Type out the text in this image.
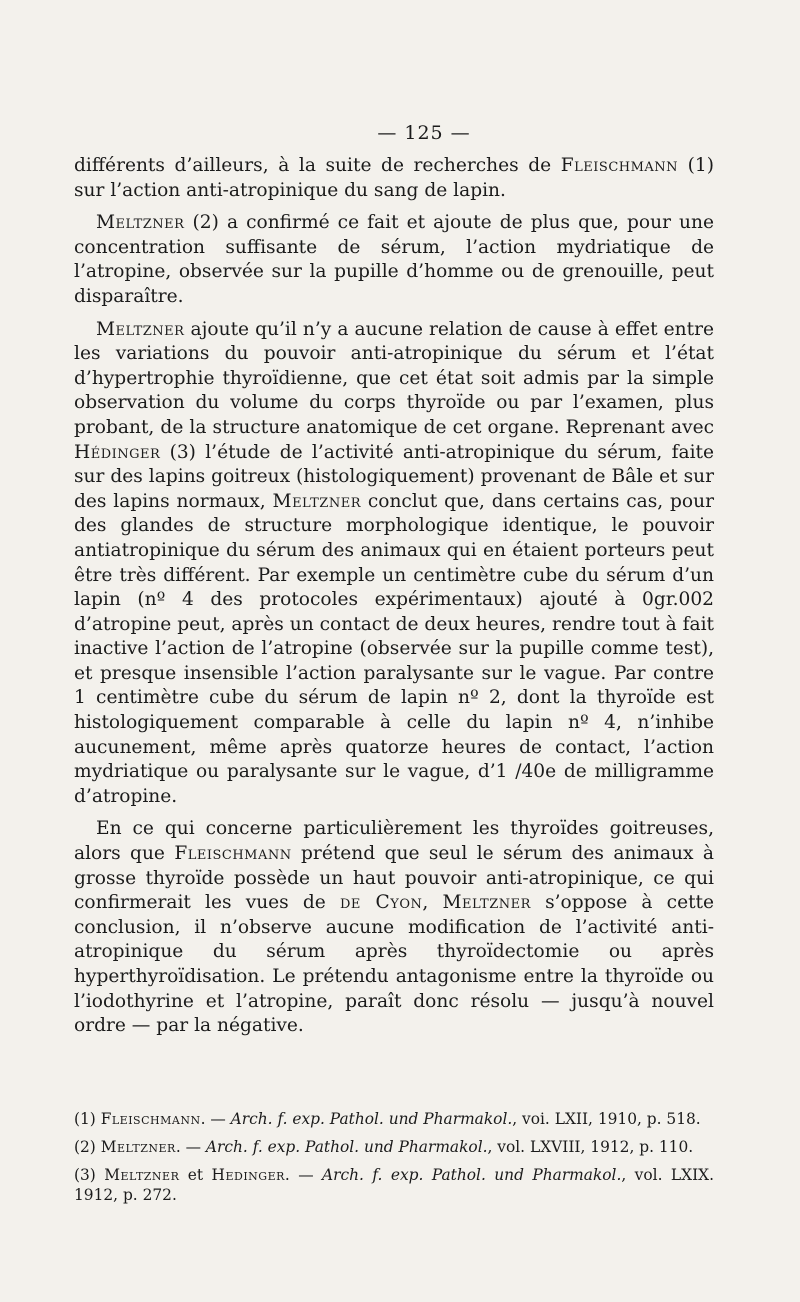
— 125 —

différents d’ailleurs, à la suite de recherches de Fleischmann (1) sur l’action anti-atropinique du sang de lapin.

Meltzner (2) a confirmé ce fait et ajoute de plus que, pour une concentration suffisante de sérum, l’action mydriatique de l’atropine, observée sur la pupille d’homme ou de grenouille, peut disparaître.

Meltzner ajoute qu’il n’y a aucune relation de cause à effet entre les variations du pouvoir anti-atropinique du sérum et l’état d’hypertrophie thyroïdienne, que cet état soit admis par la simple observation du volume du corps thyroïde ou par l’examen, plus probant, de la structure anatomique de cet organe. Reprenant avec Hédinger (3) l’étude de l’activité anti-atropinique du sérum, faite sur des lapins goitreux (histologiquement) provenant de Bâle et sur des lapins normaux, Meltzner conclut que, dans certains cas, pour des glandes de structure morphologique identique, le pouvoir antiatropinique du sérum des animaux qui en étaient porteurs peut être très différent. Par exemple un centimètre cube du sérum d’un lapin (nº 4 des protocoles expérimentaux) ajouté à 0gr.002 d’atropine peut, après un contact de deux heures, rendre tout à fait inactive l’action de l’atropine (observée sur la pupille comme test), et presque insensible l’action paralysante sur le vague. Par contre 1 centimètre cube du sérum de lapin nº 2, dont la thyroïde est histologiquement comparable à celle du lapin nº 4, n’inhibe aucunement, même après quatorze heures de contact, l’action mydriatique ou paralysante sur le vague, d’1 /40e de milligramme d’atropine.

En ce qui concerne particulièrement les thyroïdes goitreuses, alors que Fleischmann prétend que seul le sérum des animaux à grosse thyroïde possède un haut pouvoir anti-atropinique, ce qui confirmerait les vues de de Cyon, Meltzner s’oppose à cette conclusion, il n’observe aucune modification de l’activité anti-atropinique du sérum après thyroïdectomie ou après hyperthyroïdisation. Le prétendu antagonisme entre la thyroïde ou l’iodothyrine et l’atropine, paraît donc résolu — jusqu’à nouvel ordre — par la négative.

(1) Fleischmann. — Arch. f. exp. Pathol. und Pharmakol., voi. LXII, 1910, p. 518.

(2) Meltzner. — Arch. f. exp. Pathol. und Pharmakol., vol. LXVIII, 1912, p. 110.

(3) Meltzner et Hedinger. — Arch. f. exp. Pathol. und Pharmakol., vol. LXIX. 1912, p. 272.
